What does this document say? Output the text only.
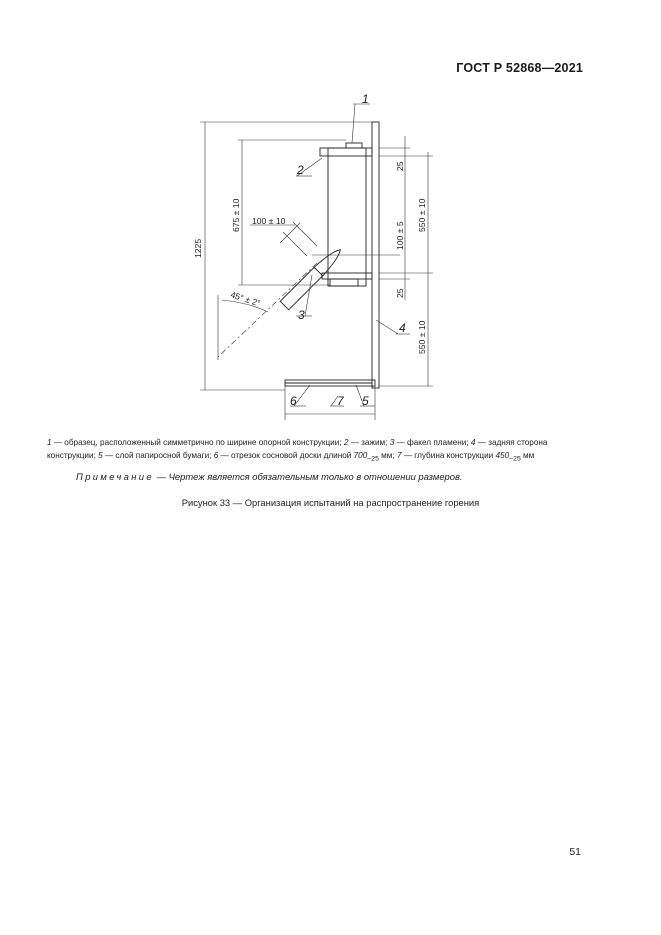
ГОСТ Р 52868—2021
1225
675 ± 10 100 ± 10
45° ± 2°
25
100 ± 5
25
550 ± 10
550 ± 10
1
2
3
4
5
6	7
1 — образец, расположенный симметрично по ширине опорной конструкции; 2 — зажим; 3 — факел пламени; 4 — задняя сторона
конструкции; 5 — слой папиросной бумаги; 6 — отрезок сосновой доски длиной $700_{-25}$ мм; 7 — глубина конструкции $450_{-25}$ мм
Примечание — Чертеж является обязательным только в отношении размеров.
Рисунок 33 — Организация испытаний на распространение горения
51
